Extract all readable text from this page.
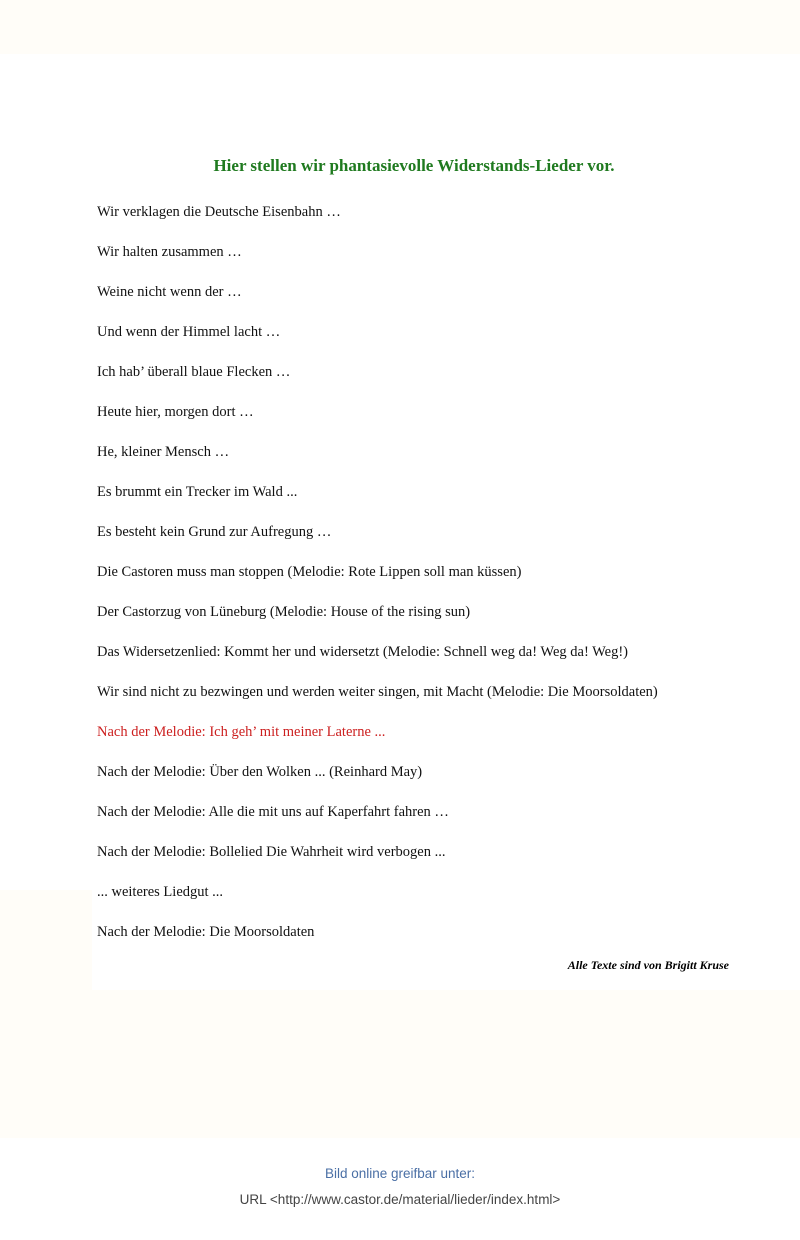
Hier stellen wir phantasievolle Widerstands-Lieder vor.
Wir verklagen die Deutsche Eisenbahn …
Wir halten zusammen …
Weine nicht wenn der …
Und wenn der Himmel lacht …
Ich hab’ überall blaue Flecken …
Heute hier, morgen dort …
He, kleiner Mensch …
Es brummt ein Trecker im Wald ...
Es besteht kein Grund zur Aufregung …
Die Castoren muss man stoppen (Melodie: Rote Lippen soll man küssen)
Der Castorzug von Lüneburg (Melodie: House of the rising sun)
Das Widersetzenlied: Kommt her und widersetzt (Melodie: Schnell weg da! Weg da! Weg!)
Wir sind nicht zu bezwingen und werden weiter singen, mit Macht (Melodie: Die Moorsoldaten)
Nach der Melodie: Ich geh’ mit meiner Laterne ...
Nach der Melodie: Über den Wolken ... (Reinhard May)
Nach der Melodie: Alle die mit uns auf Kaperfahrt fahren …
Nach der Melodie: Bollelied Die Wahrheit wird verbogen ...
... weiteres Liedgut ...
Nach der Melodie: Die Moorsoldaten
Alle Texte sind von Brigitt Kruse
Bild online greifbar unter:
URL <http://www.castor.de/material/lieder/index.html>
